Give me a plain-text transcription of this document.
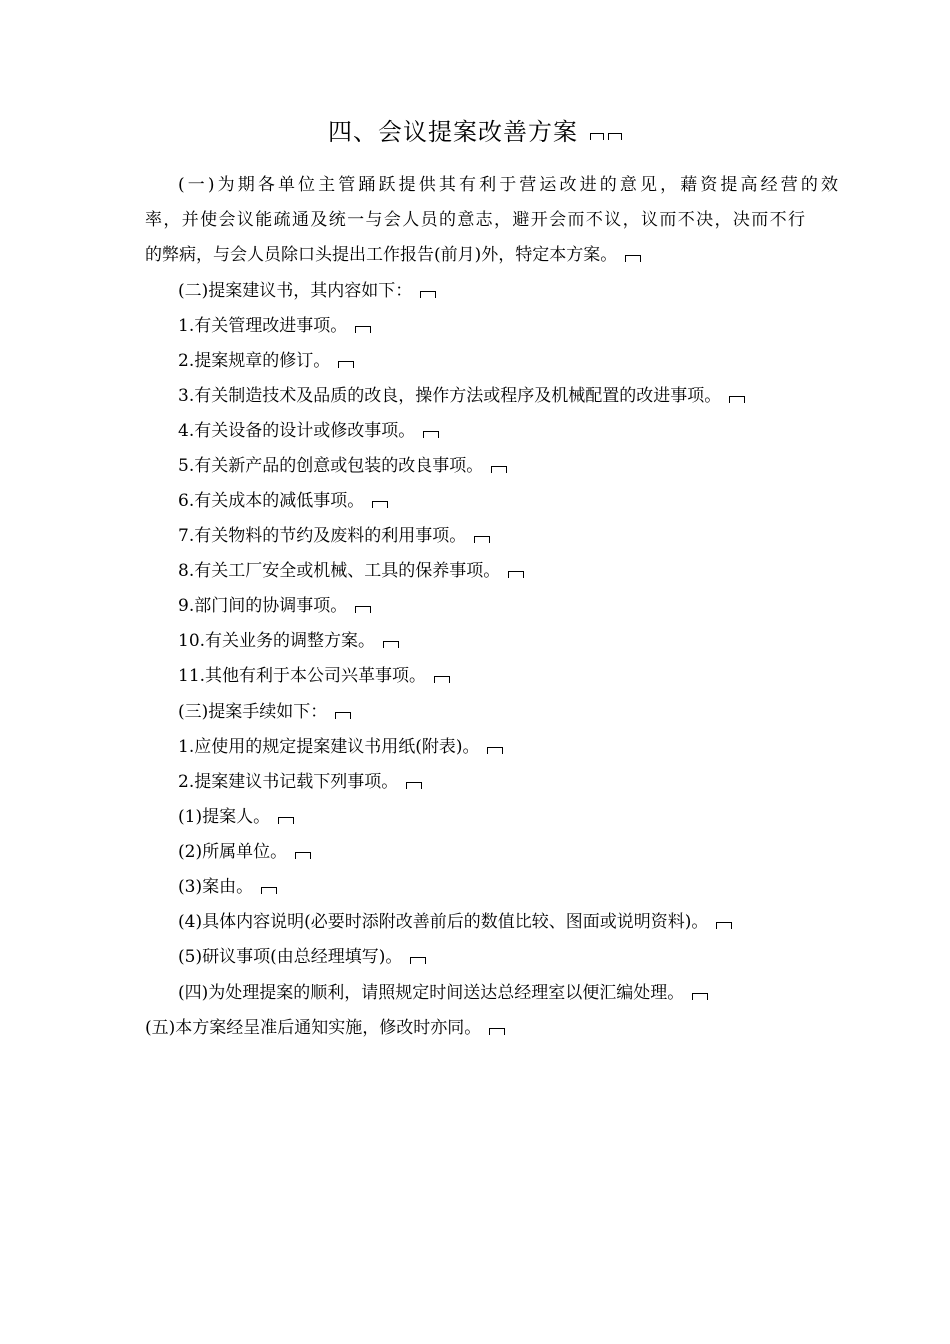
四、会议提案改善方案
(一)为期各单位主管踊跃提供其有利于营运改进的意见，藉资提高经营的效
率，并使会议能疏通及统一与会人员的意志，避开会而不议，议而不决，决而不行
的弊病，与会人员除口头提出工作报告(前月)外，特定本方案。
(二)提案建议书，其内容如下：
1.有关管理改进事项。
2.提案规章的修订。
3.有关制造技术及品质的改良，操作方法或程序及机械配置的改进事项。
4.有关设备的设计或修改事项。
5.有关新产品的创意或包装的改良事项。
6.有关成本的减低事项。
7.有关物料的节约及废料的利用事项。
8.有关工厂安全或机械、工具的保养事项。
9.部门间的协调事项。
10.有关业务的调整方案。
11.其他有利于本公司兴革事项。
(三)提案手续如下：
1.应使用的规定提案建议书用纸(附表)。
2.提案建议书记载下列事项。
(1)提案人。
(2)所属单位。
(3)案由。
(4)具体内容说明(必要时添附改善前后的数值比较、图面或说明资料)。
(5)研议事项(由总经理填写)。
(四)为处理提案的顺利，请照规定时间送达总经理室以便汇编处理。
(五)本方案经呈准后通知实施，修改时亦同。
